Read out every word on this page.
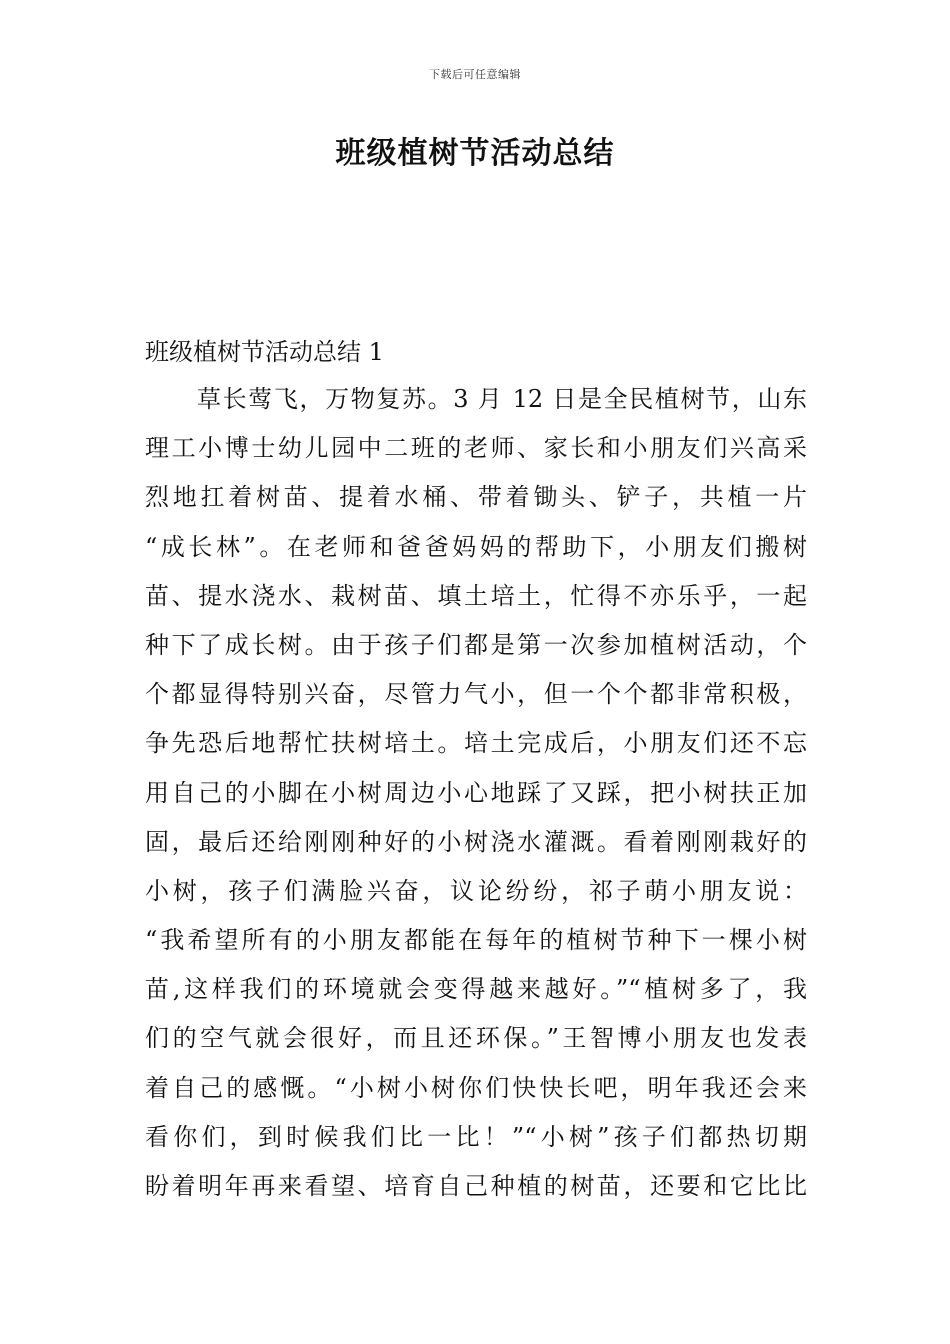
下载后可任意编辑
班级植树节活动总结
班级植树节活动总结 1
草长莺飞，万物复苏。3 月 12 日是全民植树节，山东
理工小博士幼儿园中二班的老师、家长和小朋友们兴高采
烈地扛着树苗、提着水桶、带着锄头、铲子，共植一片
“成长林”。在老师和爸爸妈妈的帮助下，小朋友们搬树
苗、提水浇水、栽树苗、填土培土，忙得不亦乐乎，一起
种下了成长树。由于孩子们都是第一次参加植树活动，个
个都显得特别兴奋，尽管力气小，但一个个都非常积极，
争先恐后地帮忙扶树培土。培土完成后，小朋友们还不忘
用自己的小脚在小树周边小心地踩了又踩，把小树扶正加
固，最后还给刚刚种好的小树浇水灌溉。看着刚刚栽好的
小树，孩子们满脸兴奋，议论纷纷，祁子萌小朋友说：
“我希望所有的小朋友都能在每年的植树节种下一棵小树
苗,这样我们的环境就会变得越来越好。”“植树多了，我
们的空气就会很好，而且还环保。”王智博小朋友也发表
着自己的感慨。“小树小树你们快快长吧，明年我还会来
看你们，到时候我们比一比！”“小树”孩子们都热切期
盼着明年再来看望、培育自己种植的树苗，还要和它比比
